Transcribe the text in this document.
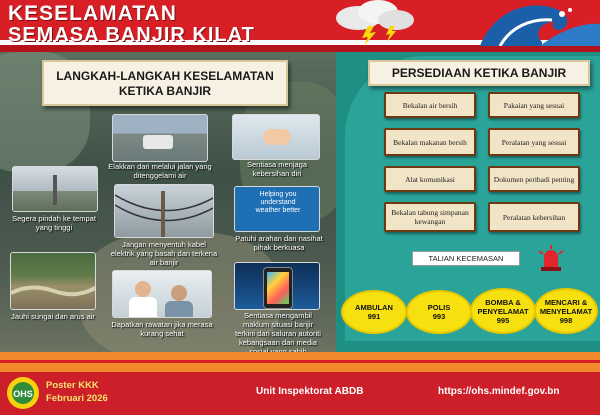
KESELAMATAN
SEMASA BANJIR KILAT
LANGKAH-LANGKAH KESELAMATAN KETIKA BANJIR
Elakkan dari melalui jalan yang ditenggelami air
Sentiasa menjaga kebersihan diri
Segera pindah ke tempat yang tinggi
Jangan menyentuh kabel elektrik yang basah dan terkena air banjir
Helping you
understand
weather better
Patuhi arahan dan nasihat pihak berkuasa
Jauhi sungai dan arus air
Dapatkan rawatan jika merasa kurang sehat
Sentiasa mengambil maklum situasi banjir terkini dari saluran autoriti kebangsaan dan media
PERSEDIAAN KETIKA BANJIR
Bekalan air bersih	Pakaian yang sesuai
Bekalan makanan bersih	Peralatan yang sesuai
Alat komunikasi	Dokumen peribadi penting
Bekalan tabung simpanan kewangan	Peralatan kebersihan
TALIAN KECEMASAN
AMBULAN
991
POLIS
993
BOMBA & PENYELAMAT
995
MENCARI & MENYELAMAT
998
OHS
Poster KKK
Februari 2026
Unit Inspektorat ABDB	https://ohs.mindef.gov.bn
